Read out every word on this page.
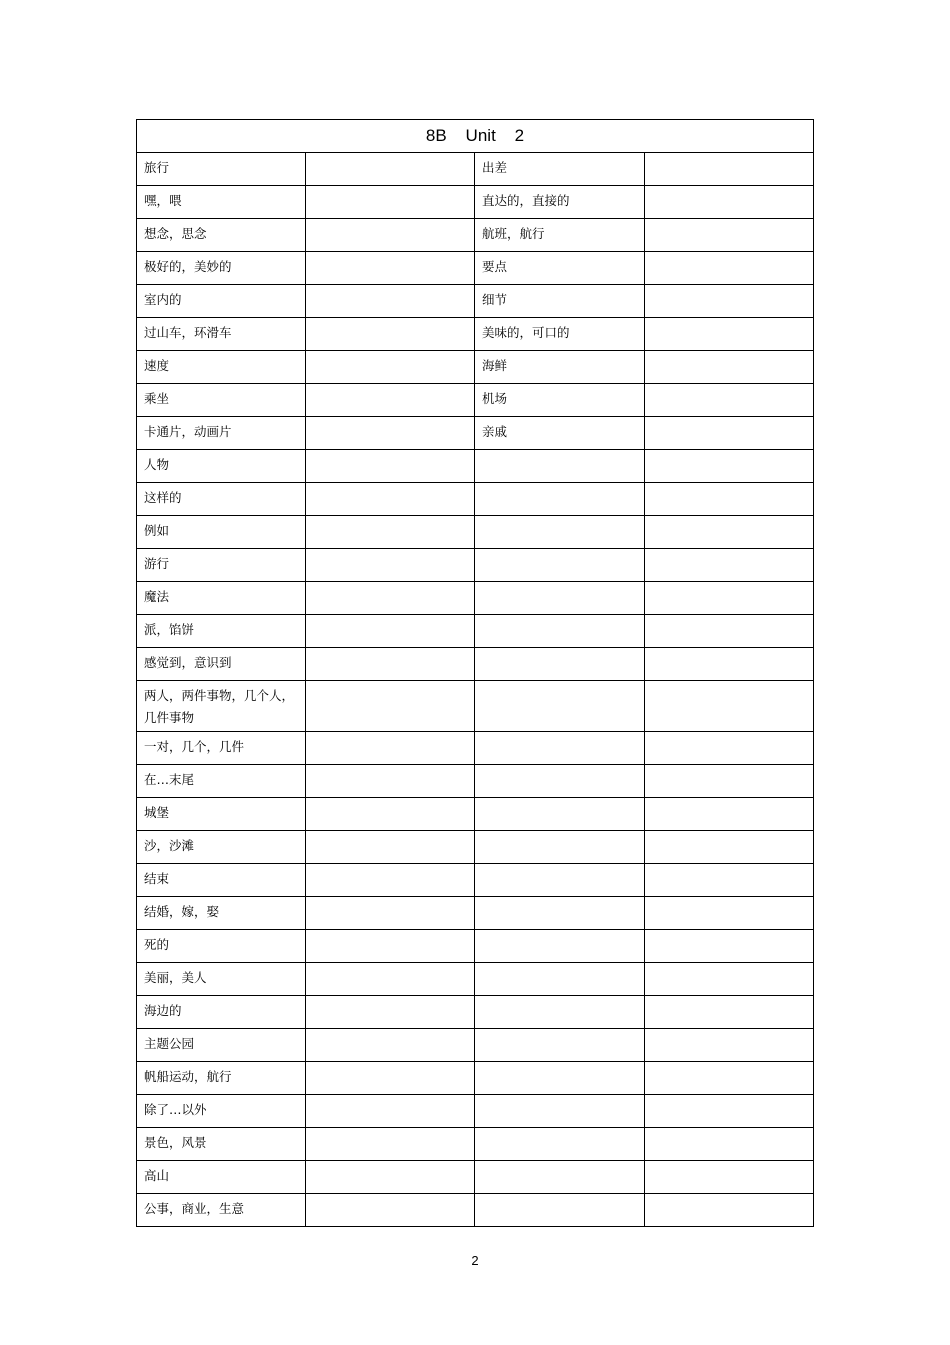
8B    Unit    2			

旅行		出差	

嘿，喂		直达的，直接的	

想念，思念		航班，航行	

极好的，美妙的		要点	

室内的		细节	

过山车，环滑车		美味的，可口的	

速度		海鲜	

乘坐		机场	

卡通片，动画片		亲戚	

人物			

这样的			

例如			

游行			

魔法			

派，馅饼			

感觉到，意识到			

两人，两件事物，几个人，几件事物			

一对，几个，几件			

在…末尾			

城堡			

沙，沙滩			

结束			

结婚，嫁，娶			

死的			

美丽，美人			

海边的			

主题公园			

帆船运动，航行			

除了…以外			

景色，风景			

高山			

公事，商业，生意			

2
